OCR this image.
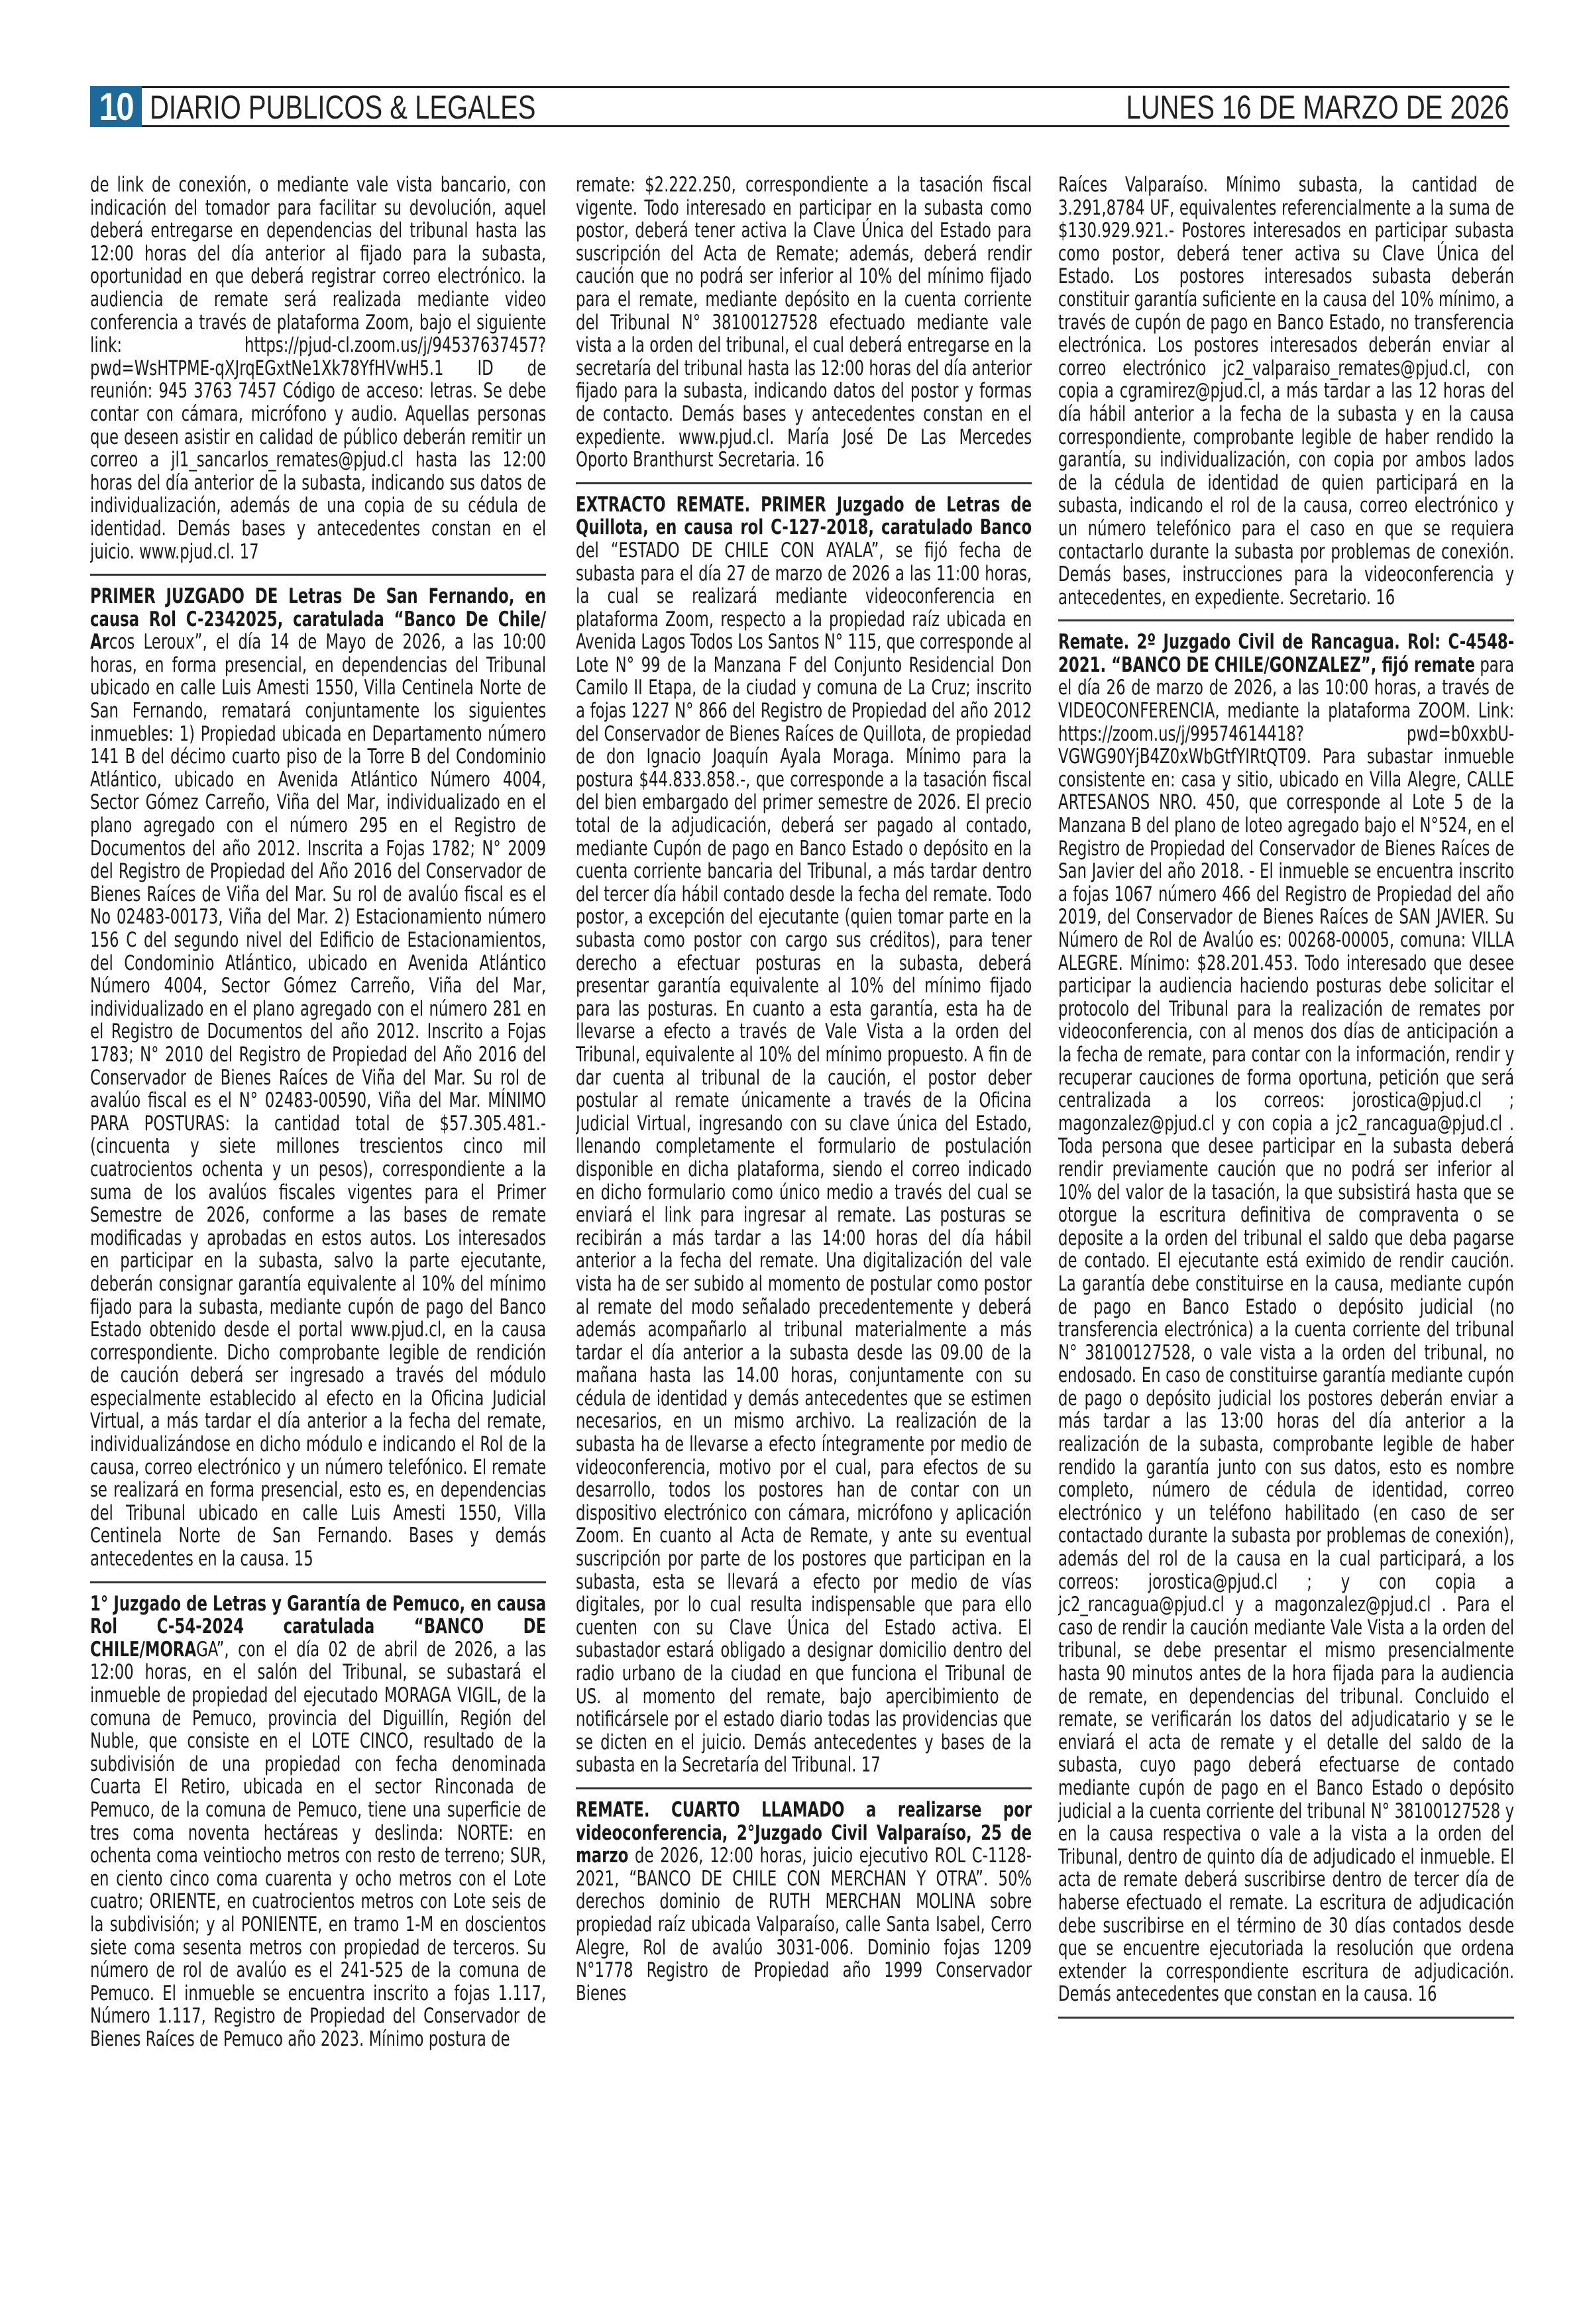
10 DIARIO PUBLICOS & LEGALES	LUNES 16 DE MARZO DE 2026

de link de conexión, o mediante vale vista bancario, con indicación del tomador para facilitar su devolución, aquel deberá entregarse en dependencias del tribunal hasta las 12:00 horas del día anterior al fijado para la subasta, oportunidad en que deberá registrar correo electrónico. la audiencia de remate será realizada mediante video conferencia a través de plataforma Zoom, bajo el siguiente link: https://pjud-cl.zoom.us/j/94537637457?pwd=WsHTPME-qXJrqEGxtNe1Xk78YfHVwH5.1 ID de reunión: 945 3763 7457 Código de acceso: letras. Se debe contar con cámara, micrófono y audio. Aquellas personas que deseen asistir en calidad de público deberán remitir un correo a jl1_sancarlos_remates@pjud.cl hasta las 12:00 horas del día anterior de la subasta, indicando sus datos de individualización, además de una copia de su cédula de identidad. Demás bases y antecedentes constan en el juicio. www.pjud.cl. 17

PRIMER JUZGADO DE Letras De San Fernando, en causa Rol C-2342025, caratulada “Banco De Chile/ Arcos Leroux”, el día 14 de Mayo de 2026, a las 10:00 horas, en forma presencial, en dependencias del Tribunal ubicado en calle Luis Amesti 1550, Villa Centinela Norte de San Fernando, rematará conjuntamente los siguientes inmuebles: 1) Propiedad ubicada en Departamento número 141 B del décimo cuarto piso de la Torre B del Condominio Atlántico, ubicado en Avenida Atlántico Número 4004, Sector Gómez Carreño, Viña del Mar, individualizado en el plano agregado con el número 295 en el Registro de Documentos del año 2012. Inscrita a Fojas 1782; N° 2009 del Registro de Propiedad del Año 2016 del Conservador de Bienes Raíces de Viña del Mar. Su rol de avalúo fiscal es el No 02483-00173, Viña del Mar. 2) Estacionamiento número 156 C del segundo nivel del Edificio de Estacionamientos, del Condominio Atlántico, ubicado en Avenida Atlántico Número 4004, Sector Gómez Carreño, Viña del Mar, individualizado en el plano agregado con el número 281 en el Registro de Documentos del año 2012. Inscrito a Fojas 1783; N° 2010 del Registro de Propiedad del Año 2016 del Conservador de Bienes Raíces de Viña del Mar. Su rol de avalúo fiscal es el N° 02483-00590, Viña del Mar. MÍNIMO PARA POSTURAS: la cantidad total de $57.305.481.- (cincuenta y siete millones trescientos cinco mil cuatrocientos ochenta y un pesos), correspondiente a la suma de los avalúos fiscales vigentes para el Primer Semestre de 2026, conforme a las bases de remate modificadas y aprobadas en estos autos. Los interesados en participar en la subasta, salvo la parte ejecutante, deberán consignar garantía equivalente al 10% del mínimo fijado para la subasta, mediante cupón de pago del Banco Estado obtenido desde el portal www.pjud.cl, en la causa correspondiente. Dicho comprobante legible de rendición de caución deberá ser ingresado a través del módulo especialmente establecido al efecto en la Oficina Judicial Virtual, a más tardar el día anterior a la fecha del remate, individualizándose en dicho módulo e indicando el Rol de la causa, correo electrónico y un número telefónico. El remate se realizará en forma presencial, esto es, en dependencias del Tribunal ubicado en calle Luis Amesti 1550, Villa Centinela Norte de San Fernando. Bases y demás antecedentes en la causa. 15

1° Juzgado de Letras y Garantía de Pemuco, en causa Rol C-54-2024 caratulada “BANCO DE CHILE/MORAGA”, con el día 02 de abril de 2026, a las 12:00 horas, en el salón del Tribunal, se subastará el inmueble de propiedad del ejecutado MORAGA VIGIL, de la comuna de Pemuco, provincia del Diguillín, Región del Nuble, que consiste en el LOTE CINCO, resultado de la subdivisión de una propiedad con fecha denominada Cuarta El Retiro, ubicada en el sector Rinconada de Pemuco, de la comuna de Pemuco, tiene una superficie de tres coma noventa hectáreas y deslinda: NORTE: en ochenta coma veintiocho metros con resto de terreno; SUR, en ciento cinco coma cuarenta y ocho metros con el Lote cuatro; ORIENTE, en cuatrocientos metros con Lote seis de la subdivisión; y al PONIENTE, en tramo 1-M en doscientos siete coma sesenta metros con propiedad de terceros. Su número de rol de avalúo es el 241-525 de la comuna de Pemuco. El inmueble se encuentra inscrito a fojas 1.117, Número 1.117, Registro de Propiedad del Conservador de Bienes Raíces de Pemuco año 2023. Mínimo postura de

remate: $2.222.250, correspondiente a la tasación fiscal vigente. Todo interesado en participar en la subasta como postor, deberá tener activa la Clave Única del Estado para suscripción del Acta de Remate; además, deberá rendir caución que no podrá ser inferior al 10% del mínimo fijado para el remate, mediante depósito en la cuenta corriente del Tribunal N° 38100127528 efectuado mediante vale vista a la orden del tribunal, el cual deberá entregarse en la secretaría del tribunal hasta las 12:00 horas del día anterior fijado para la subasta, indicando datos del postor y formas de contacto. Demás bases y antecedentes constan en el expediente. www.pjud.cl. María José De Las Mercedes Oporto Branthurst Secretaria. 16

EXTRACTO REMATE. PRIMER Juzgado de Letras de Quillota, en causa rol C-127-2018, caratulado Banco del “ESTADO DE CHILE CON AYALA”, se fijó fecha de subasta para el día 27 de marzo de 2026 a las 11:00 horas, la cual se realizará mediante videoconferencia en plataforma Zoom, respecto a la propiedad raíz ubicada en Avenida Lagos Todos Los Santos N° 115, que corresponde al Lote N° 99 de la Manzana F del Conjunto Residencial Don Camilo II Etapa, de la ciudad y comuna de La Cruz; inscrito a fojas 1227 N° 866 del Registro de Propiedad del año 2012 del Conservador de Bienes Raíces de Quillota, de propiedad de don Ignacio Joaquín Ayala Moraga. Mínimo para la postura $44.833.858.-, que corresponde a la tasación fiscal del bien embargado del primer semestre de 2026. El precio total de la adjudicación, deberá ser pagado al contado, mediante Cupón de pago en Banco Estado o depósito en la cuenta corriente bancaria del Tribunal, a más tardar dentro del tercer día hábil contado desde la fecha del remate. Todo postor, a excepción del ejecutante (quien tomar parte en la subasta como postor con cargo sus créditos), para tener derecho a efectuar posturas en la subasta, deberá presentar garantía equivalente al 10% del mínimo fijado para las posturas. En cuanto a esta garantía, esta ha de llevarse a efecto a través de Vale Vista a la orden del Tribunal, equivalente al 10% del mínimo propuesto. A fin de dar cuenta al tribunal de la caución, el postor deber postular al remate únicamente a través de la Oficina Judicial Virtual, ingresando con su clave única del Estado, llenando completamente el formulario de postulación disponible en dicha plataforma, siendo el correo indicado en dicho formulario como único medio a través del cual se enviará el link para ingresar al remate. Las posturas se recibirán a más tardar a las 14:00 horas del día hábil anterior a la fecha del remate. Una digitalización del vale vista ha de ser subido al momento de postular como postor al remate del modo señalado precedentemente y deberá además acompañarlo al tribunal materialmente a más tardar el día anterior a la subasta desde las 09.00 de la mañana hasta las 14.00 horas, conjuntamente con su cédula de identidad y demás antecedentes que se estimen necesarios, en un mismo archivo. La realización de la subasta ha de llevarse a efecto íntegramente por medio de videoconferencia, motivo por el cual, para efectos de su desarrollo, todos los postores han de contar con un dispositivo electrónico con cámara, micrófono y aplicación Zoom. En cuanto al Acta de Remate, y ante su eventual suscripción por parte de los postores que participan en la subasta, esta se llevará a efecto por medio de vías digitales, por lo cual resulta indispensable que para ello cuenten con su Clave Única del Estado activa. El subastador estará obligado a designar domicilio dentro del radio urbano de la ciudad en que funciona el Tribunal de US. al momento del remate, bajo apercibimiento de notificársele por el estado diario todas las providencias que se dicten en el juicio. Demás antecedentes y bases de la subasta en la Secretaría del Tribunal. 17

REMATE. CUARTO LLAMADO a realizarse por videoconferencia, 2°Juzgado Civil Valparaíso, 25 de marzo de 2026, 12:00 horas, juicio ejecutivo ROL C-1128-2021, “BANCO DE CHILE CON MERCHAN Y OTRA”. 50% derechos dominio de RUTH MERCHAN MOLINA sobre propiedad raíz ubicada Valparaíso, calle Santa Isabel, Cerro Alegre, Rol de avalúo 3031-006. Dominio fojas 1209 N°1778 Registro de Propiedad año 1999 Conservador Bienes

Raíces Valparaíso. Mínimo subasta, la cantidad de 3.291,8784 UF, equivalentes referencialmente a la suma de $130.929.921.- Postores interesados en participar subasta como postor, deberá tener activa su Clave Única del Estado. Los postores interesados subasta deberán constituir garantía suficiente en la causa del 10% mínimo, a través de cupón de pago en Banco Estado, no transferencia electrónica. Los postores interesados deberán enviar al correo electrónico jc2_valparaiso_remates@pjud.cl, con copia a cgramirez@pjud.cl, a más tardar a las 12 horas del día hábil anterior a la fecha de la subasta y en la causa correspondiente, comprobante legible de haber rendido la garantía, su individualización, con copia por ambos lados de la cédula de identidad de quien participará en la subasta, indicando el rol de la causa, correo electrónico y un número telefónico para el caso en que se requiera contactarlo durante la subasta por problemas de conexión. Demás bases, instrucciones para la videoconferencia y antecedentes, en expediente. Secretario. 16

Remate. 2º Juzgado Civil de Rancagua. Rol: C-4548-2021. “BANCO DE CHILE/GONZALEZ”, fijó remate para el día 26 de marzo de 2026, a las 10:00 horas, a través de VIDEOCONFERENCIA, mediante la plataforma ZOOM. Link: https://zoom.us/j/99574614418? pwd=b0xxbU-VGWG90YjB4Z0xWbGtfYIRtQT09. Para subastar inmueble consistente en: casa y sitio, ubicado en Villa Alegre, CALLE ARTESANOS NRO. 450, que corresponde al Lote 5 de la Manzana B del plano de loteo agregado bajo el N°524, en el Registro de Propiedad del Conservador de Bienes Raíces de San Javier del año 2018. - El inmueble se encuentra inscrito a fojas 1067 número 466 del Registro de Propiedad del año 2019, del Conservador de Bienes Raíces de SAN JAVIER. Su Número de Rol de Avalúo es: 00268-00005, comuna: VILLA ALEGRE. Mínimo: $28.201.453. Todo interesado que desee participar la audiencia haciendo posturas debe solicitar el protocolo del Tribunal para la realización de remates por videoconferencia, con al menos dos días de anticipación a la fecha de remate, para contar con la información, rendir y recuperar cauciones de forma oportuna, petición que será centralizada a los correos: jorostica@pjud.cl ; magonzalez@pjud.cl y con copia a jc2_rancagua@pjud.cl . Toda persona que desee participar en la subasta deberá rendir previamente caución que no podrá ser inferior al 10% del valor de la tasación, la que subsistirá hasta que se otorgue la escritura definitiva de compraventa o se deposite a la orden del tribunal el saldo que deba pagarse de contado. El ejecutante está eximido de rendir caución. La garantía debe constituirse en la causa, mediante cupón de pago en Banco Estado o depósito judicial (no transferencia electrónica) a la cuenta corriente del tribunal N° 38100127528, o vale vista a la orden del tribunal, no endosado. En caso de constituirse garantía mediante cupón de pago o depósito judicial los postores deberán enviar a más tardar a las 13:00 horas del día anterior a la realización de la subasta, comprobante legible de haber rendido la garantía junto con sus datos, esto es nombre completo, número de cédula de identidad, correo electrónico y un teléfono habilitado (en caso de ser contactado durante la subasta por problemas de conexión), además del rol de la causa en la cual participará, a los correos: jorostica@pjud.cl ; y con copia a jc2_rancagua@pjud.cl y a magonzalez@pjud.cl . Para el caso de rendir la caución mediante Vale Vista a la orden del tribunal, se debe presentar el mismo presencialmente hasta 90 minutos antes de la hora fijada para la audiencia de remate, en dependencias del tribunal. Concluido el remate, se verificarán los datos del adjudicatario y se le enviará el acta de remate y el detalle del saldo de la subasta, cuyo pago deberá efectuarse de contado mediante cupón de pago en el Banco Estado o depósito judicial a la cuenta corriente del tribunal N° 38100127528 y en la causa respectiva o vale a la vista a la orden del Tribunal, dentro de quinto día de adjudicado el inmueble. El acta de remate deberá suscribirse dentro de tercer día de haberse efectuado el remate. La escritura de adjudicación debe suscribirse en el término de 30 días contados desde que se encuentre ejecutoriada la resolución que ordena extender la correspondiente escritura de adjudicación. Demás antecedentes que constan en la causa. 16
